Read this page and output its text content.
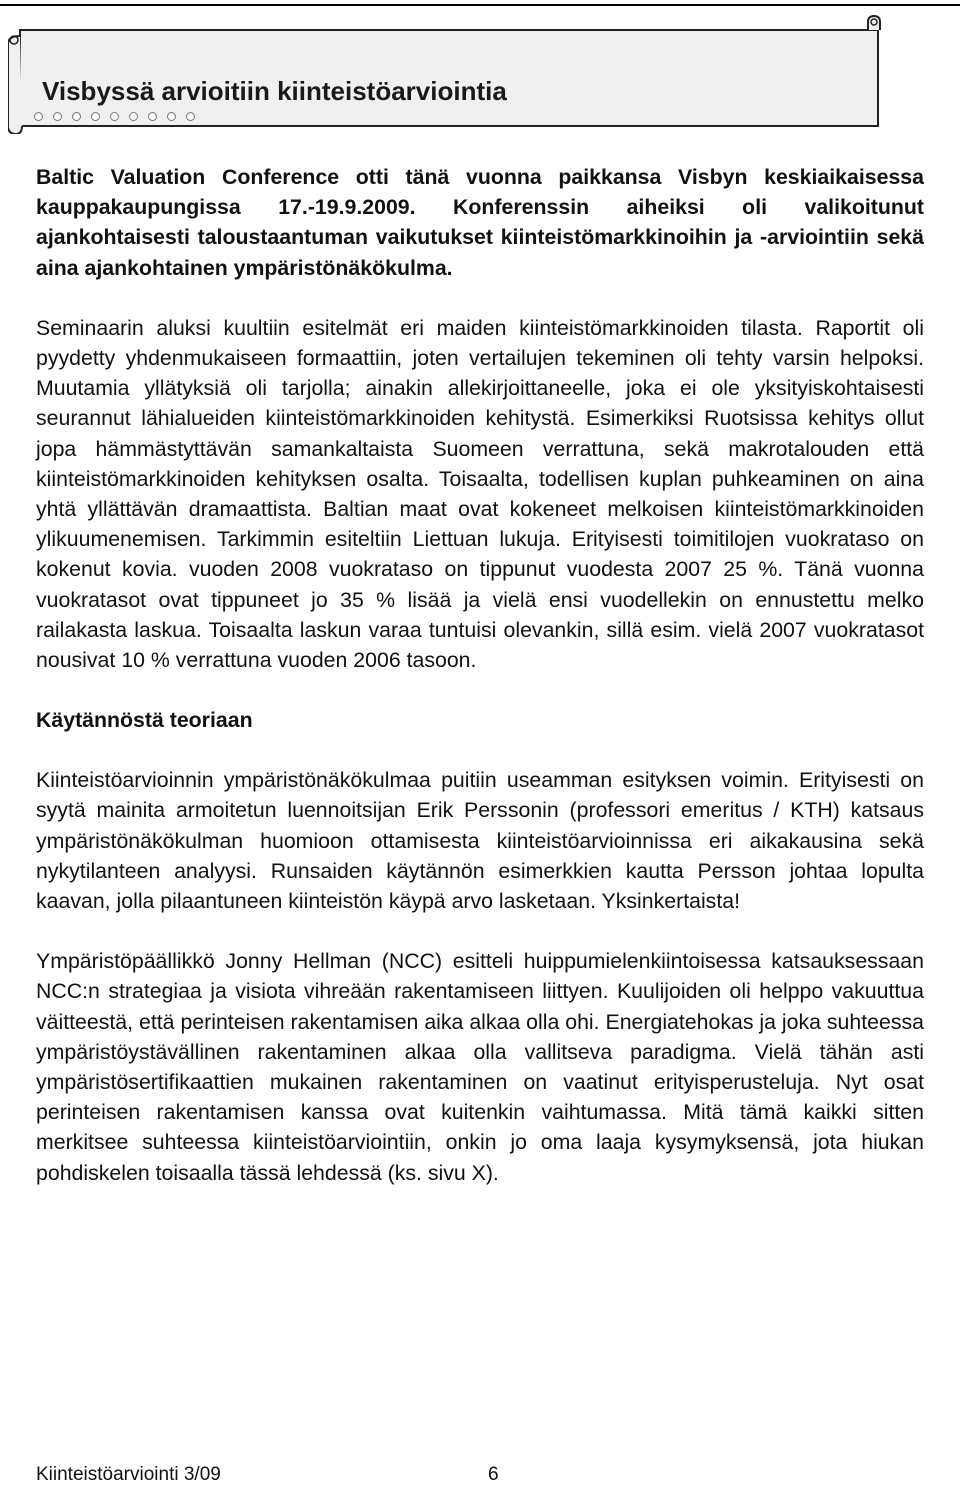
Visbyssä arvioitiin kiinteistöarviointia

Baltic Valuation Conference otti tänä vuonna paikkansa Visbyn keskiaikaisessa kauppakaupungissa 17.-19.9.2009. Konferenssin aiheiksi oli valikoitunut ajankohtaisesti taloustaantuman vaikutukset kiinteistömarkkinoihin ja -arviointiin sekä aina ajankohtainen ympäristönäkökulma.

Seminaarin aluksi kuultiin esitelmät eri maiden kiinteistömarkkinoiden tilasta. Raportit oli pyydetty yhdenmukaiseen formaattiin, joten vertailujen tekeminen oli tehty varsin helpoksi. Muutamia yllätyksiä oli tarjolla; ainakin allekirjoittaneelle, joka ei ole yksityiskohtaisesti seurannut lähialueiden kiinteistömarkkinoiden kehitystä. Esimerkiksi Ruotsissa kehitys ollut jopa hämmästyttävän samankaltaista Suomeen verrattuna, sekä makrotalouden että kiinteistömarkkinoiden kehityksen osalta. Toisaalta, todellisen kuplan puhkeaminen on aina yhtä yllättävän dramaattista. Baltian maat ovat kokeneet melkoisen kiinteistömarkkinoiden ylikuumenemisen. Tarkimmin esiteltiin Liettuan lukuja. Erityisesti toimitilojen vuokrataso on kokenut kovia. vuoden 2008 vuokrataso on tippunut vuodesta 2007 25 %. Tänä vuonna vuokratasot ovat tippuneet jo 35 % lisää ja vielä ensi vuodellekin on ennustettu melko railakasta laskua. Toisaalta laskun varaa tuntuisi olevankin, sillä esim. vielä 2007 vuokratasot nousivat 10 % verrattuna vuoden 2006 tasoon.

Käytännöstä teoriaan

Kiinteistöarvioinnin ympäristönäkökulmaa puitiin useamman esityksen voimin. Erityisesti on syytä mainita armoitetun luennoitsijan Erik Perssonin (professori emeritus / KTH) katsaus ympäristönäkökulman huomioon ottamisesta kiinteistöarvioinnissa eri aikakausina sekä nykytilanteen analyysi. Runsaiden käytännön esimerkkien kautta Persson johtaa lopulta kaavan, jolla pilaantuneen kiinteistön käypä arvo lasketaan. Yksinkertaista!

Ympäristöpäällikkö Jonny Hellman (NCC) esitteli huippumielenkiintoisessa katsauksessaan NCC:n strategiaa ja visiota vihreään rakentamiseen liittyen. Kuulijoiden oli helppo vakuuttua väitteestä, että perinteisen rakentamisen aika alkaa olla ohi. Energiatehokas ja joka suhteessa ympäristöystävällinen rakentaminen alkaa olla vallitseva paradigma. Vielä tähän asti ympäristösertifikaattien mukainen rakentaminen on vaatinut erityisperusteluja. Nyt osat perinteisen rakentamisen kanssa ovat kuitenkin vaihtumassa. Mitä tämä kaikki sitten merkitsee suhteessa kiinteistöarviointiin, onkin jo oma laaja kysymyksensä, jota hiukan pohdiskelen toisaalla tässä lehdessä (ks. sivu X).

Kiinteistöarviointi 3/09	6
